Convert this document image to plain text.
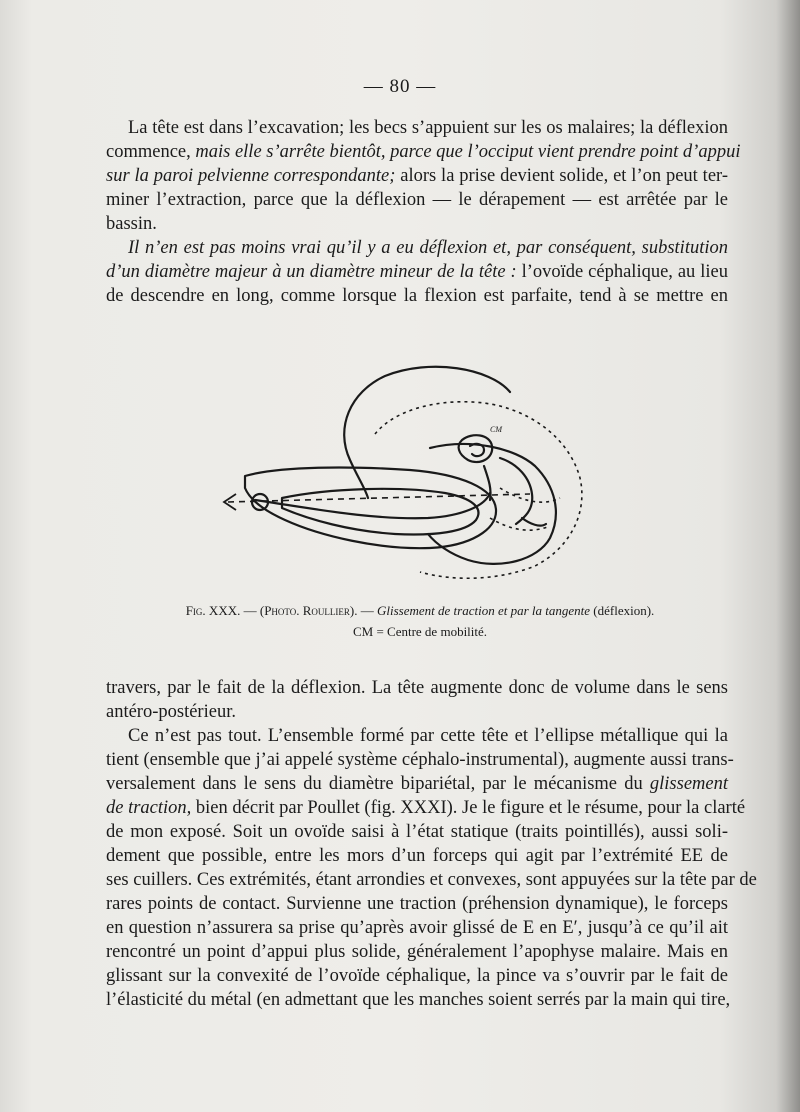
— 80 —
La tête est dans l’excavation; les becs s’appuient sur les os malaires; la déflexion
commence, mais elle s’arrête bientôt, parce que l’occiput vient prendre point d’appui
sur la paroi pelvienne correspondante; alors la prise devient solide, et l’on peut ter-
miner l’extraction, parce que la déflexion — le dérapement — est arrêtée par le
bassin.
Il n’en est pas moins vrai qu’il y a eu déflexion et, par conséquent, substitution
d’un diamètre majeur à un diamètre mineur de la tête : l’ovoïde céphalique, au lieu
de descendre en long, comme lorsque la flexion est parfaite, tend à se mettre en
CM
Fig. XXX. — (Photo. Roullier). — Glissement de traction et par la tangente (déflexion).
CM = Centre de mobilité.
travers, par le fait de la déflexion. La tête augmente donc de volume dans le sens
antéro-postérieur.
Ce n’est pas tout. L’ensemble formé par cette tête et l’ellipse métallique qui la
tient (ensemble que j’ai appelé système céphalo-instrumental), augmente aussi trans-
versalement dans le sens du diamètre bipariétal, par le mécanisme du glissement
de traction, bien décrit par Poullet (fig. XXXI). Je le figure et le résume, pour la clarté
de mon exposé. Soit un ovoïde saisi à l’état statique (traits pointillés), aussi soli-
dement que possible, entre les mors d’un forceps qui agit par l’extrémité EE de
ses cuillers. Ces extrémités, étant arrondies et convexes, sont appuyées sur la tête par de
rares points de contact. Survienne une traction (préhension dynamique), le forceps
en question n’assurera sa prise qu’après avoir glissé de E en E′, jusqu’à ce qu’il ait
rencontré un point d’appui plus solide, généralement l’apophyse malaire. Mais en
glissant sur la convexité de l’ovoïde céphalique, la pince va s’ouvrir par le fait de
l’élasticité du métal (en admettant que les manches soient serrés par la main qui tire,
